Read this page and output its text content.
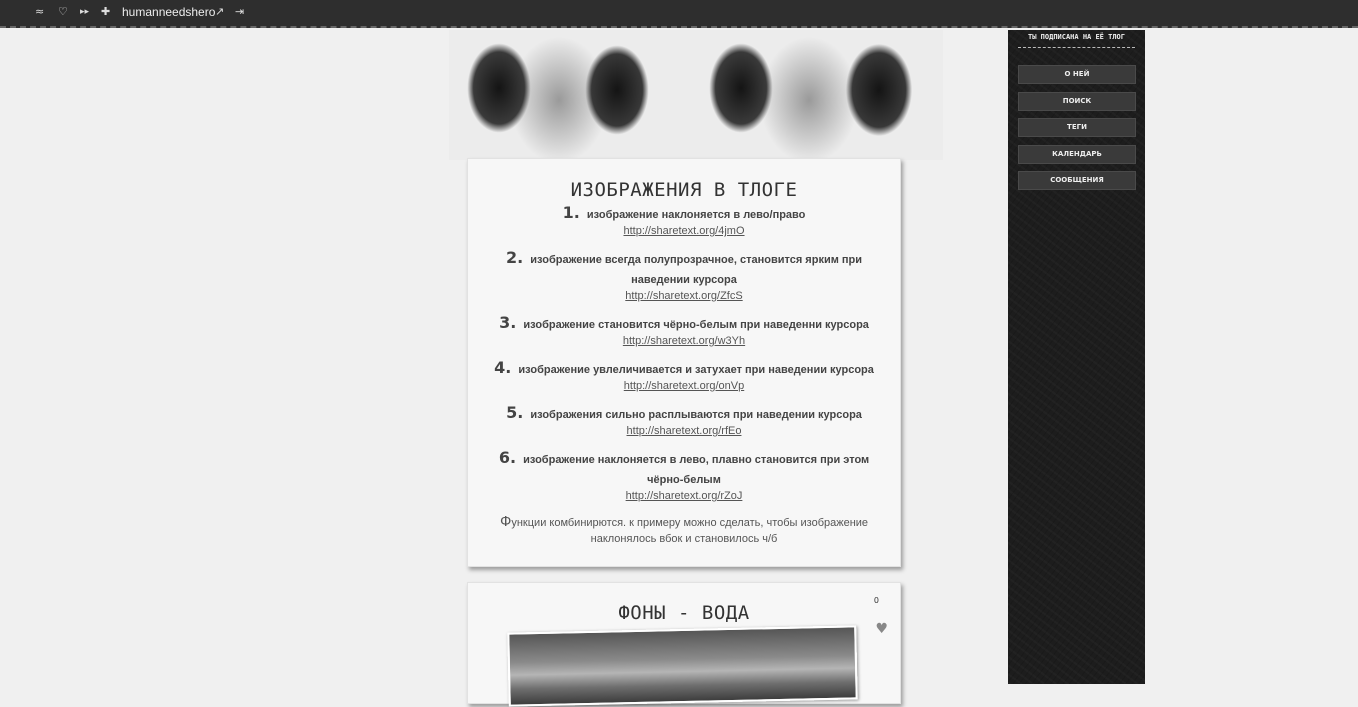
≈ ♡ ▸▸ ✚ humanneedshero ↗ ⇥
ИЗОБРАЖЕНИЯ В ТЛОГЕ
1. изображение наклоняется в лево/право
http://sharetext.org/4jmO
2. изображение всегда полупрозрачное, становится ярким при наведении курсора
http://sharetext.org/ZfcS
3. изображение становится чёрно-белым при наведенни курсора
http://sharetext.org/w3Yh
4. изображение увлеличивается и затухает при наведении курсора
http://sharetext.org/onVp
5. изображения сильно расплываются при наведении курсора
http://sharetext.org/rfEo
6. изображение наклоняется в лево, плавно становится при этом чёрно-белым
http://sharetext.org/rZoJ

Функции комбинирются. к примеру можно сделать, чтобы изображение наклонялось вбок и становилось ч/б

ФОНЫ - ВОДА
0
♥
ТЫ ПОДПИСАНА НА ЕЁ ТЛОГ
О НЕЙ
ПОИСК
ТЕГИ
КАЛЕНДАРЬ
СООБЩЕНИЯ
